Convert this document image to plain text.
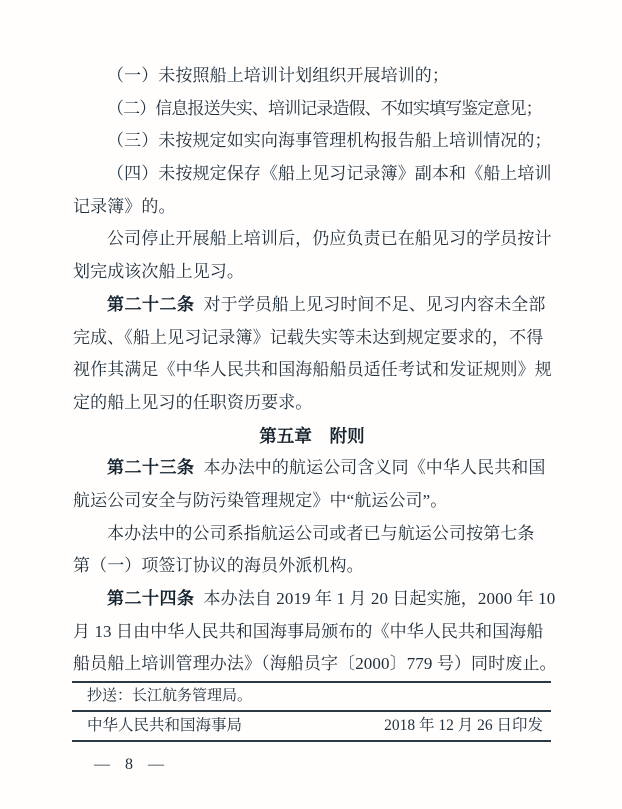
（一）未按照船上培训计划组织开展培训的；
（二）信息报送失实、培训记录造假、不如实填写鉴定意见；
（三）未按规定如实向海事管理机构报告船上培训情况的；
（四）未按规定保存《船上见习记录簿》副本和《船上培训
记录簿》的。
公司停止开展船上培训后，仍应负责已在船见习的学员按计
划完成该次船上见习。
第二十二条 对于学员船上见习时间不足、见习内容未全部
完成、《船上见习记录簿》记载失实等未达到规定要求的，不得
视作其满足《中华人民共和国海船船员适任考试和发证规则》规
定的船上见习的任职资历要求。
第五章　附则
第二十三条 本办法中的航运公司含义同《中华人民共和国
航运公司安全与防污染管理规定》中“航运公司”。
本办法中的公司系指航运公司或者已与航运公司按第七条
第（一）项签订协议的海员外派机构。
第二十四条 本办法自 2019 年 1 月 20 日起实施，2000 年 10
月 13 日由中华人民共和国海事局颁布的《中华人民共和国海船
船员船上培训管理办法》（海船员字〔2000〕779 号）同时废止。
抄送：长江航务管理局。
中华人民共和国海事局	2018 年 12 月 26 日印发
— 8 —
